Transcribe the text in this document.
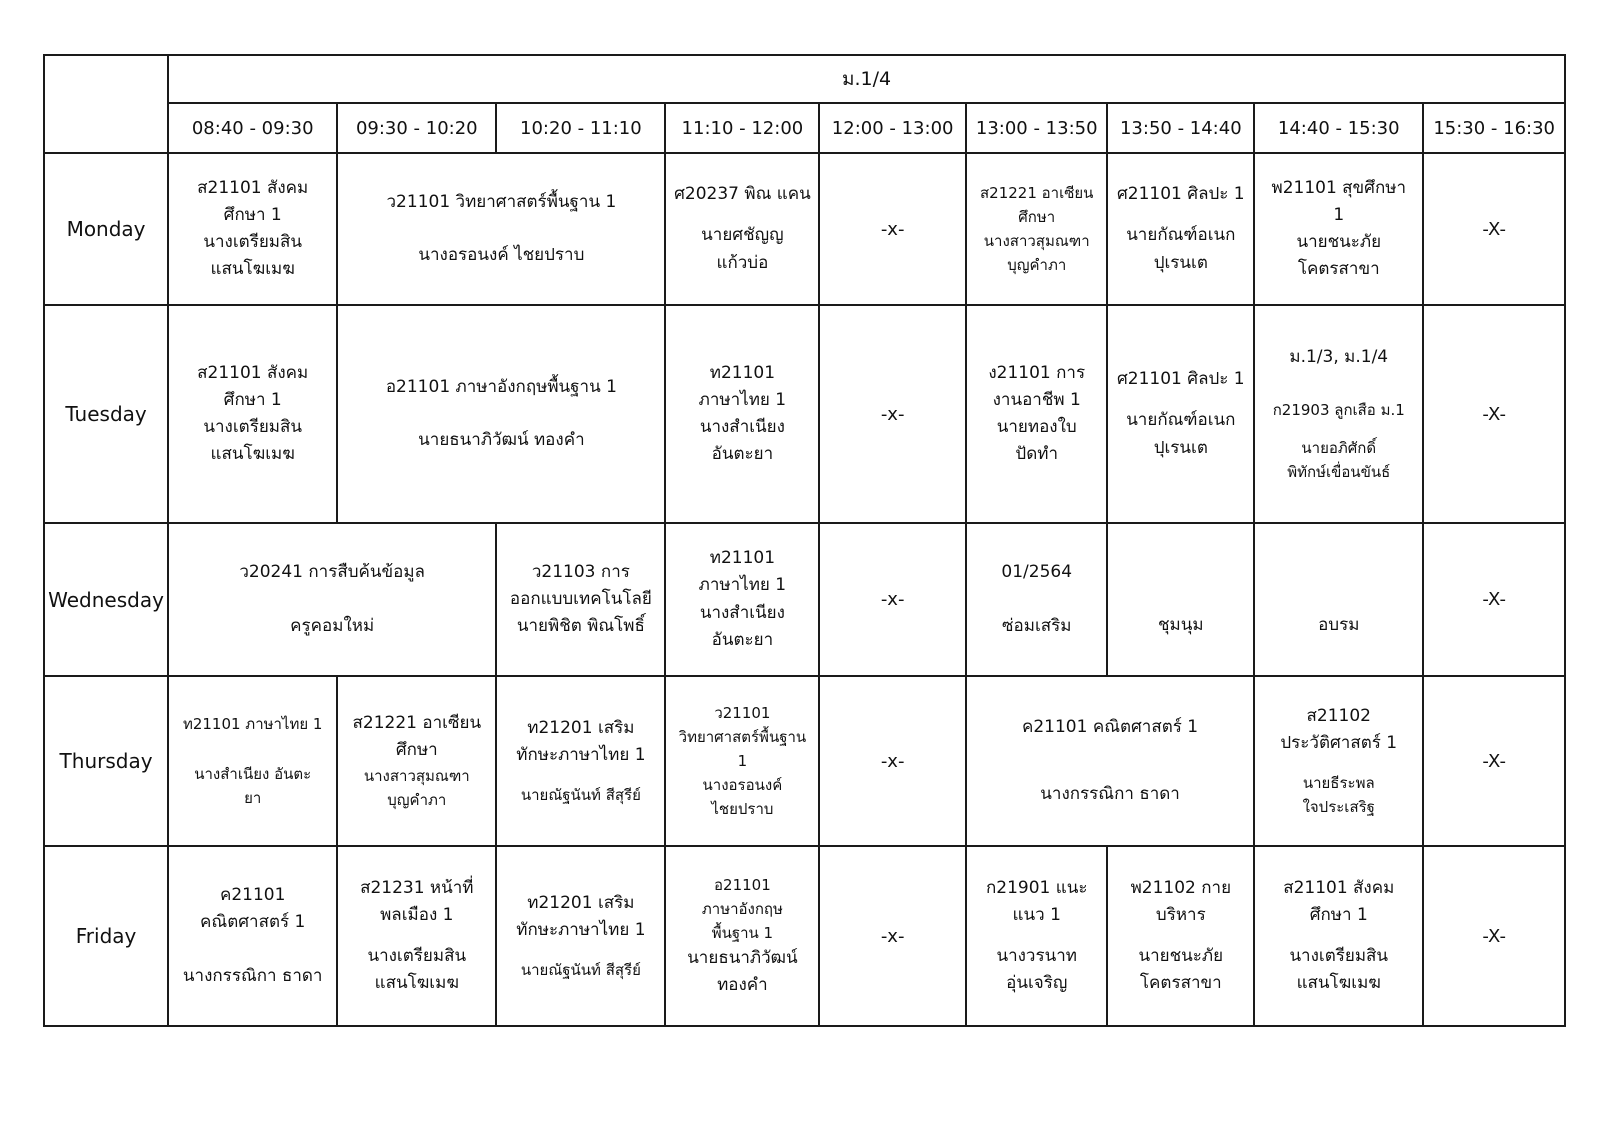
	ม.1/4								
	08:40 - 09:30	09:30 - 10:20	10:20 - 11:10	11:10 - 12:00	12:00 - 13:00	13:00 - 13:50	13:50 - 14:40	14:40 - 15:30	15:30 - 16:30
Monday	ส21101 สังคม
ศึกษา 1
นางเตรียมสิน
แสนโฆเมฆ	ว21101 วิทยาศาสตร์พื้นฐาน 1
นางอรอนงค์ ไชยปราบ		ศ20237 พิณ แคน
นายศชัญญ
แก้วบ่อ	-x-	ส21221 อาเซียน
ศึกษา
นางสาวสุมณฑา
บุญคำภา	ศ21101 ศิลปะ 1
นายกัณฑ์อเนก
ปุเรนเต	พ21101 สุขศึกษา
1
นายชนะภัย
โคตรสาขา	-X-
Tuesday	ส21101 สังคม
ศึกษา 1
นางเตรียมสิน
แสนโฆเมฆ	อ21101 ภาษาอังกฤษพื้นฐาน 1
นายธนาภิวัฒน์ ทองคำ		ท21101
ภาษาไทย 1
นางสำเนียง
อันตะยา	-x-	ง21101 การ
งานอาชีพ 1
นายทองใบ
ปัดทำ	ศ21101 ศิลปะ 1
นายกัณฑ์อเนก
ปุเรนเต	ม.1/3, ม.1/4
ก21903 ลูกเสือ ม.1
นายอภิศักดิ์
พิทักษ์เขื่อนขันธ์	-X-
Wednesday	ว20241 การสืบค้นข้อมูล
ครูคอมใหม่		ว21103 การ
ออกแบบเทคโนโลยี
นายพิชิต พิณโพธิ์	ท21101
ภาษาไทย 1
นางสำเนียง
อันตะยา	-x-	01/2564
ซ่อมเสริม	ชุมนุม	อบรม	-X-
Thursday	ท21101 ภาษาไทย 1
นางสำเนียง อันตะ
ยา	ส21221 อาเซียน
ศึกษา
นางสาวสุมณฑา
บุญคำภา	ท21201 เสริม
ทักษะภาษาไทย 1
นายณัฐนันท์ สีสุรีย์	ว21101
วิทยาศาสตร์พื้นฐาน
1
นางอรอนงค์
ไชยปราบ	-x-	ค21101 คณิตศาสตร์ 1
นางกรรณิกา ธาดา		ส21102
ประวัติศาสตร์ 1
นายธีระพล
ใจประเสริฐ	-X-
Friday	ค21101
คณิตศาสตร์ 1
นางกรรณิกา ธาดา	ส21231 หน้าที่
พลเมือง 1
นางเตรียมสิน
แสนโฆเมฆ	ท21201 เสริม
ทักษะภาษาไทย 1
นายณัฐนันท์ สีสุรีย์	อ21101
ภาษาอังกฤษ
พื้นฐาน 1
นายธนาภิวัฒน์
ทองคำ	-x-	ก21901 แนะ
แนว 1
นางวรนาท
อุ่นเจริญ	พ21102 กาย
บริหาร
นายชนะภัย
โคตรสาขา	ส21101 สังคม
ศึกษา 1
นางเตรียมสิน
แสนโฆเมฆ	-X-
